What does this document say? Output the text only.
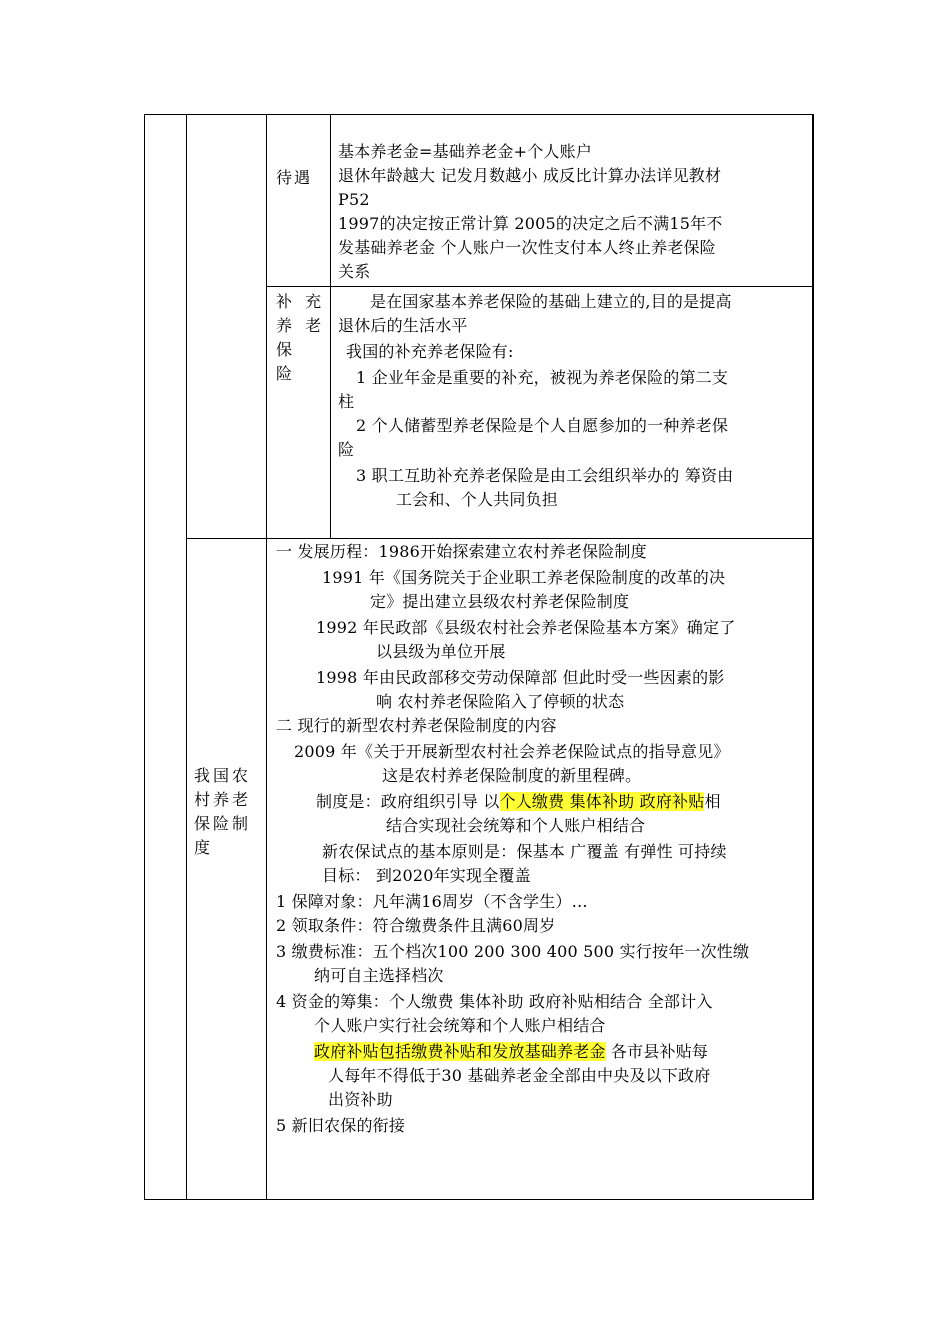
待遇
基本养老金=基础养老金+个人账户
退休年龄越大 记发月数越小 成反比计算办法详见教材
P52
1997的决定按正常计算 2005的决定之后不满15年不
发基础养老金 个人账户一次性支付本人终止养老保险
关系
补 充
养 老
保
险
是在国家基本养老保险的基础上建立的,目的是提高
退休后的生活水平
我国的补充养老保险有:
1 企业年金是重要的补充，被视为养老保险的第二支
柱
2 个人储蓄型养老保险是个人自愿参加的一种养老保
险
3 职工互助补充养老保险是由工会组织举办的 筹资由
工会和、个人共同负担
我国农
村养老
保险制
度
一 发展历程：1986开始探索建立农村养老保险制度
1991 年《国务院关于企业职工养老保险制度的改革的决
定》提出建立县级农村养老保险制度
1992 年民政部《县级农村社会养老保险基本方案》确定了
以县级为单位开展
1998 年由民政部移交劳动保障部 但此时受一些因素的影
响 农村养老保险陷入了停顿的状态
二 现行的新型农村养老保险制度的内容
2009 年《关于开展新型农村社会养老保险试点的指导意见》
这是农村养老保险制度的新里程碑。
制度是：政府组织引导 以个人缴费 集体补助 政府补贴相
结合实现社会统筹和个人账户相结合
新农保试点的基本原则是：保基本 广覆盖 有弹性 可持续
目标： 到2020年实现全覆盖
1 保障对象：凡年满16周岁（不含学生）…
2 领取条件：符合缴费条件且满60周岁
3 缴费标准：五个档次100 200 300 400 500 实行按年一次性缴
纳可自主选择档次
4 资金的筹集：个人缴费 集体补助 政府补贴相结合 全部计入
个人账户实行社会统筹和个人账户相结合
政府补贴包括缴费补贴和发放基础养老金 各市县补贴每
人每年不得低于30 基础养老金全部由中央及以下政府
出资补助
5 新旧农保的衔接
